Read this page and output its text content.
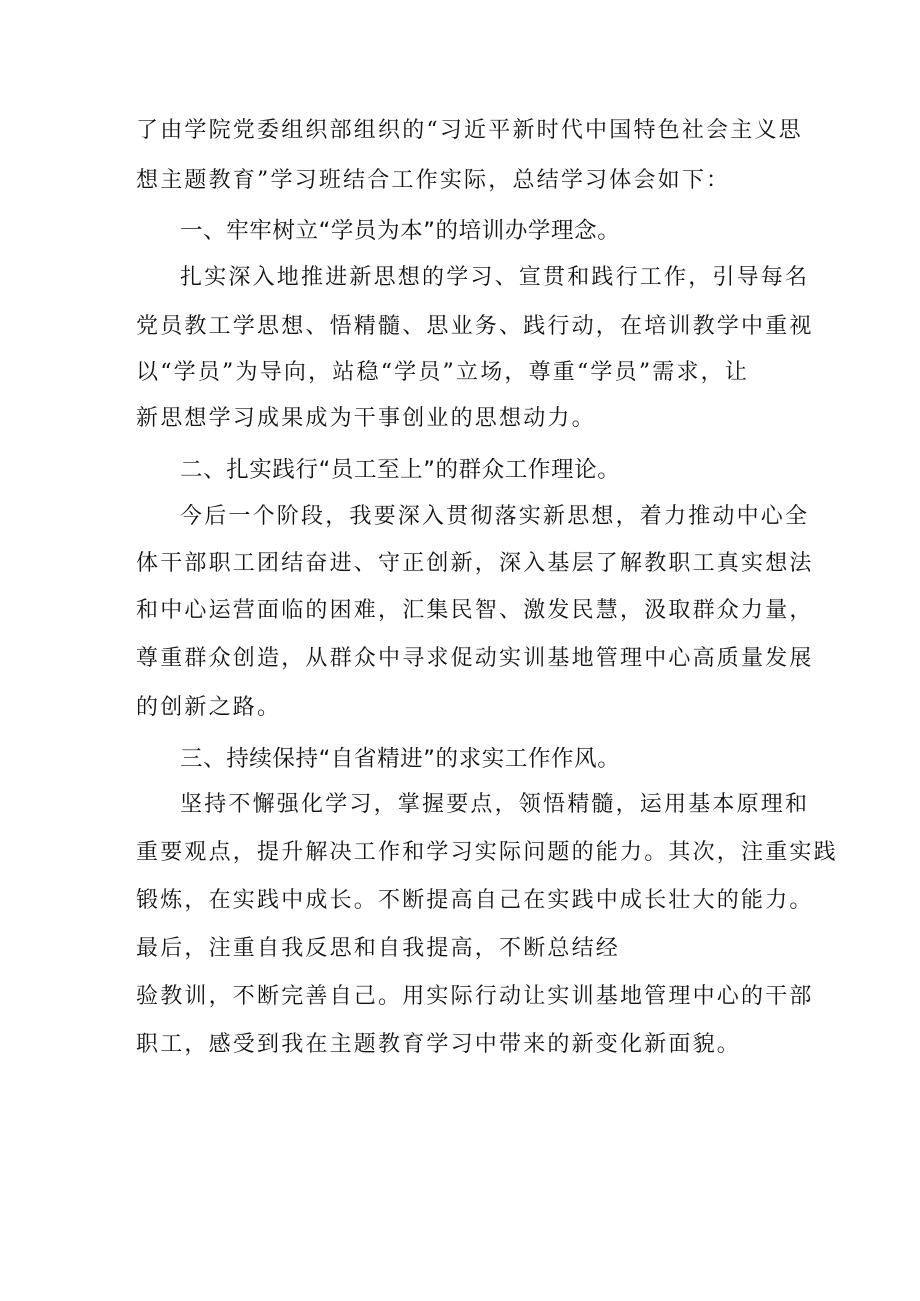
了由学院党委组织部组织的“习近平新时代中国特色社会主义思
想主题教育”学习班结合工作实际，总结学习体会如下：
一、牢牢树立“学员为本”的培训办学理念。
扎实深入地推进新思想的学习、宣贯和践行工作，引导每名
党员教工学思想、悟精髓、思业务、践行动，在培训教学中重视
以“学员”为导向，站稳“学员”立场，尊重“学员”需求，让
新思想学习成果成为干事创业的思想动力。
二、扎实践行“员工至上”的群众工作理论。
今后一个阶段，我要深入贯彻落实新思想，着力推动中心全
体干部职工团结奋进、守正创新，深入基层了解教职工真实想法
和中心运营面临的困难，汇集民智、激发民慧，汲取群众力量，
尊重群众创造，从群众中寻求促动实训基地管理中心高质量发展
的创新之路。
三、持续保持“自省精进”的求实工作作风。
坚持不懈强化学习，掌握要点，领悟精髓，运用基本原理和
重要观点，提升解决工作和学习实际问题的能力。其次，注重实践
锻炼，在实践中成长。不断提高自己在实践中成长壮大的能力。
最后，注重自我反思和自我提高，不断总结经
验教训，不断完善自己。用实际行动让实训基地管理中心的干部
职工，感受到我在主题教育学习中带来的新变化新面貌。
